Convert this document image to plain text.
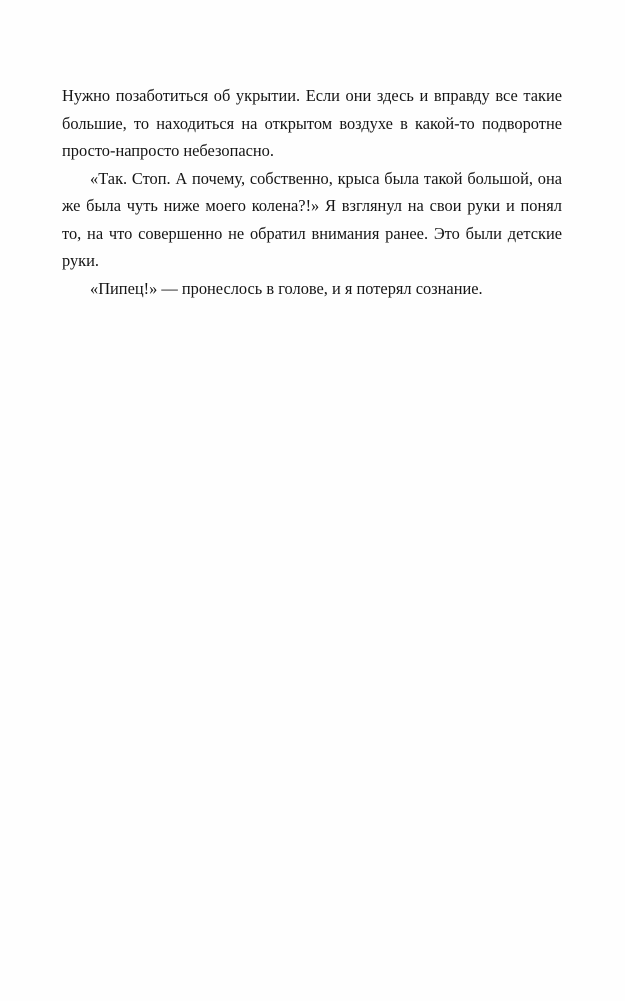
Нужно позаботиться об укрытии. Если они здесь и вправду все такие большие, то находиться на открытом воздухе в какой-то подворотне просто-напросто небезопасно.

«Так. Стоп. А почему, собственно, крыса была такой большой, она же была чуть ниже моего колена?!» Я взглянул на свои руки и понял то, на что совершенно не обратил внимания ранее. Это были детские руки.

«Пипец!» — пронеслось в голове, и я потерял сознание.
